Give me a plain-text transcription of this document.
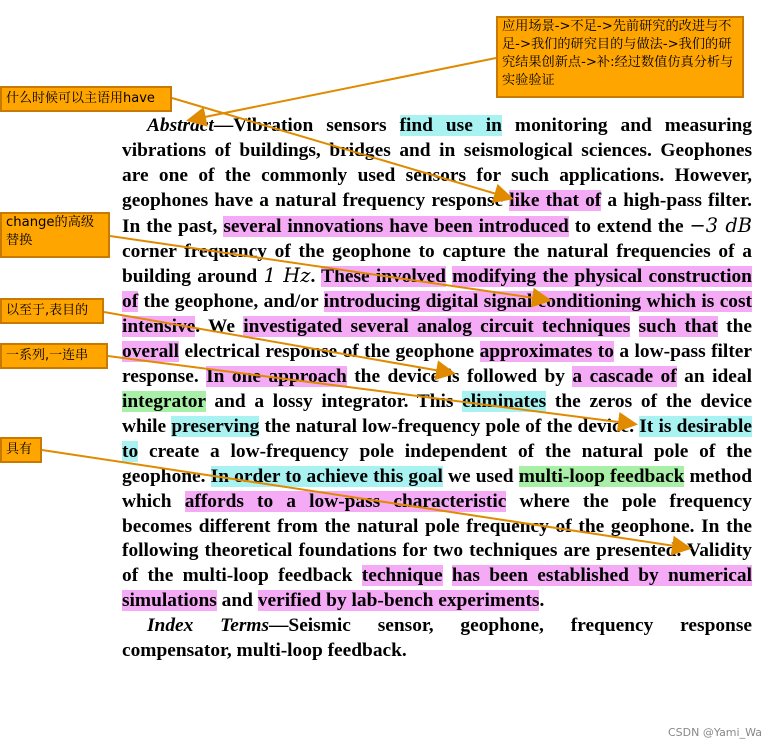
Abstract—Vibration sensors find use in monitoring and measuring vibrations of buildings, bridges and in seismological sciences. Geophones are one of the commonly used sensors for such applications. However, geophones have a natural frequency response like that of a high-pass filter. In the past, several innovations have been introduced to extend the −3 dB corner frequency of the geophone to capture the natural frequencies of a building around 1 Hz. These involved modifying the physical construction of the geophone, and/or introducing digital signal conditioning which is cost intensive. We investigated several analog circuit techniques such that the overall electrical response of the geophone approximates to a low-pass filter response. In one approach the device is followed by a cascade of an ideal integrator and a lossy integrator. This eliminates the zeros of the device while preserving the natural low-frequency pole of the device. It is desirable to create a low-frequency pole independent of the natural pole of the geophone. In order to achieve this goal we used multi-loop feedback method which affords to a low-pass characteristic where the pole frequency becomes different from the natural pole frequency of the geophone. In the following theoretical foundations for two techniques are presented. Validity of the multi-loop feedback technique has been established by numerical simulations and verified by lab-bench experiments.

Index Terms—Seismic sensor, geophone, frequency response compensator, multi-loop feedback.

应用场景->不足->先前研究的改进与不足->我们的研究目的与做法->我们的研究结果创新点->补:经过数值仿真分析与实验验证
什么时候可以主语用have
change的高级替换
以至于,表目的
一系列,一连串
具有
CSDN @Yami_Wa
